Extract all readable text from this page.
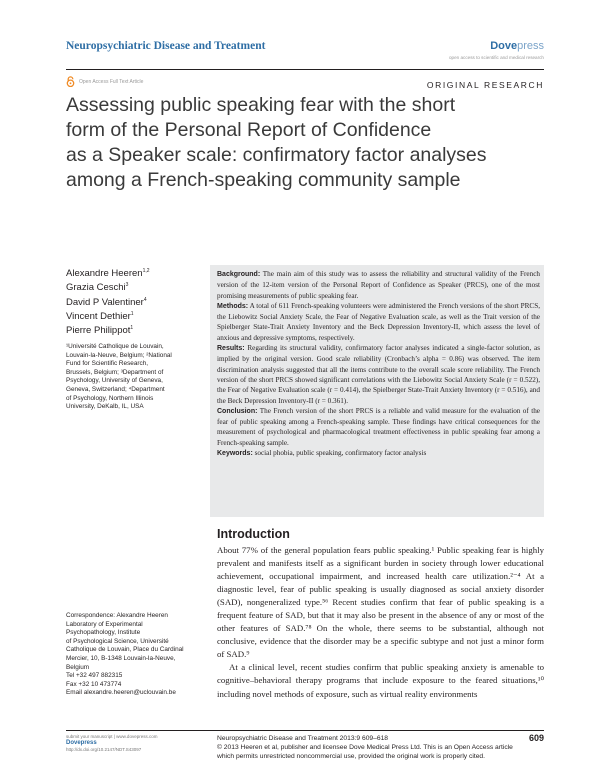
Neuropsychiatric Disease and Treatment	Dovepress
open access to scientific and medical research
Open Access Full Text Article	ORIGINAL RESEARCH
Assessing public speaking fear with the short
form of the Personal Report of Confidence
as a Speaker scale: confirmatory factor analyses
among a French-speaking community sample
Alexandre Heeren$^{1,2}$
Grazia Ceschi$^3$
David P Valentiner$^4$
Vincent Dethier$^1$
Pierre Philippot$^1$
¹Université Catholique de Louvain,
Louvain-la-Neuve, Belgium; ²National
Fund for Scientific Research,
Brussels, Belgium; ³Department of
Psychology, University of Geneva,
Geneva, Switzerland; ⁴Department
of Psychology, Northern Illinois
University, DeKalb, IL, USA

Background: The main aim of this study was to assess the reliability and structural validity of the French version of the 12-item version of the Personal Report of Confidence as Speaker (PRCS), one of the most promising measurements of public speaking fear.

Methods: A total of 611 French-speaking volunteers were administered the French versions of the short PRCS, the Liebowitz Social Anxiety Scale, the Fear of Negative Evaluation scale, as well as the Trait version of the Spielberger State-Trait Anxiety Inventory and the Beck Depression Inventory-II, which assess the level of anxious and depressive symptoms, respectively.

Results: Regarding its structural validity, confirmatory factor analyses indicated a single-factor solution, as implied by the original version. Good scale reliability (Cronbach’s alpha = 0.86) was observed. The item discrimination analysis suggested that all the items contribute to the overall scale score reliability. The French version of the short PRCS showed significant correlations with the Liebowitz Social Anxiety Scale (r = 0.522), the Fear of Negative Evaluation scale (r = 0.414), the Spielberger State-Trait Anxiety Inventory (r = 0.516), and the Beck Depression Inventory-II (r = 0.361).

Conclusion: The French version of the short PRCS is a reliable and valid measure for the evaluation of the fear of public speaking among a French-speaking sample. These findings have critical consequences for the measurement of psychological and pharmacological treatment effectiveness in public speaking fear among a French-speaking sample.

Keywords: social phobia, public speaking, confirmatory factor analysis

Introduction

About 77% of the general population fears public speaking.¹ Public speaking fear is highly prevalent and manifests itself as a significant burden in society through lower educational achievement, occupational impairment, and increased health care utilization.²⁻⁴ At a diagnostic level, fear of public speaking is usually diagnosed as social anxiety disorder (SAD), nongeneralized type.⁵⁶ Recent studies confirm that fear of public speaking is a frequent feature of SAD, but that it may also be present in the absence of any or most of the other features of SAD.⁷⁸ On the whole, there seems to be substantial, although not conclusive, evidence that the disorder may be a specific subtype and not just a minor form of SAD.⁹

At a clinical level, recent studies confirm that public speaking anxiety is amenable to cognitive–behavioral therapy programs that include exposure to the feared situations,¹⁰ including novel methods of exposure, such as virtual reality environments

Correspondence: Alexandre Heeren
Laboratory of Experimental
Psychopathology, Institute
of Psychological Science, Université
Catholique de Louvain, Place du Cardinal
Mercier, 10, B-1348 Louvain-la-Neuve,
Belgium
Tel +32 497 882315
Fax +32 10 473774
Email alexandre.heeren@uclouvain.be
submit your manuscript | www.dovepress.com
Dovepress
http://dx.doi.org/10.2147/NDT.S43097
Neuropsychiatric Disease and Treatment 2013:9 609–618
© 2013 Heeren et al, publisher and licensee Dove Medical Press Ltd. This is an Open Access article
which permits unrestricted noncommercial use, provided the original work is properly cited.
609
